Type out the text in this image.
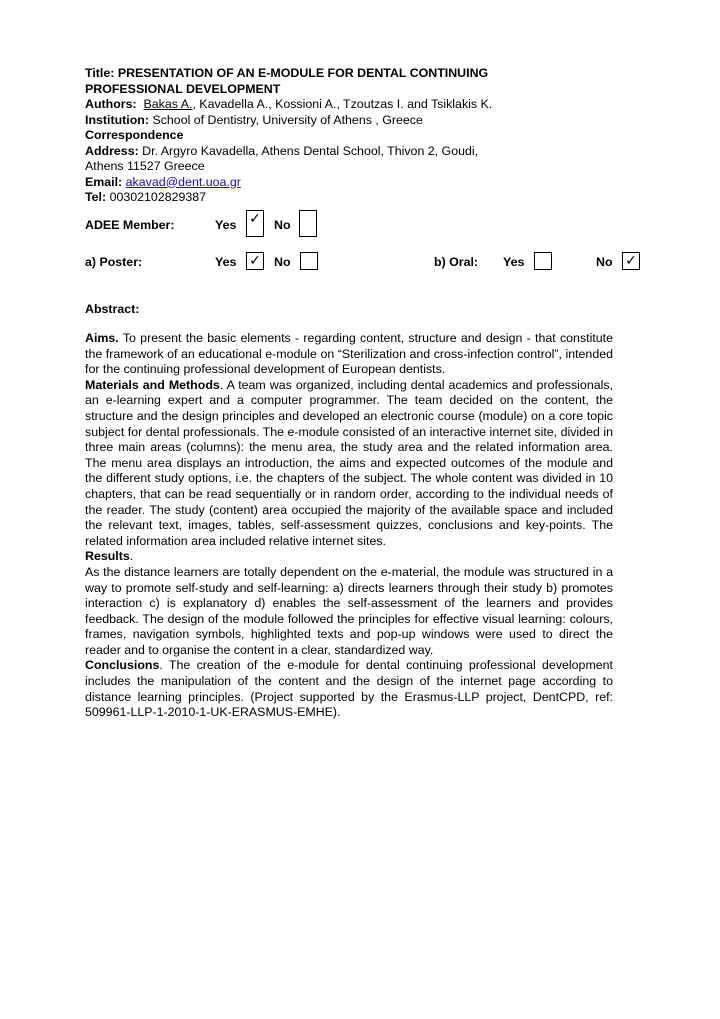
Title: PRESENTATION OF AN E-MODULE FOR DENTAL CONTINUING
PROFESSIONAL DEVELOPMENT
Authors: Bakas A., Kavadella A., Kossioni A., Tzoutzas I. and Tsiklakis K.
Institution: School of Dentistry, University of Athens , Greece
Correspondence
Address: Dr. Argyro Kavadella, Athens Dental School, Thivon 2, Goudi,
Athens 11527 Greece
Email: akavad@dent.uoa.gr
Tel: 00302102829387
ADEE Member:	Yes ✓ No
a) Poster:	Yes ✓ No	b) Oral: Yes	No ✓
Abstract:

Aims. To present the basic elements - regarding content, structure and design - that constitute the framework of an educational e-module on “Sterilization and cross-infection control”, intended for the continuing professional development of European dentists.

Materials and Methods. A team was organized, including dental academics and professionals, an e-learning expert and a computer programmer. The team decided on the content, the structure and the design principles and developed an electronic course (module) on a core topic subject for dental professionals. The e-module consisted of an interactive internet site, divided in three main areas (columns): the menu area, the study area and the related information area. The menu area displays an introduction, the aims and expected outcomes of the module and the different study options, i.e. the chapters of the subject. The whole content was divided in 10 chapters, that can be read sequentially or in random order, according to the individual needs of the reader. The study (content) area occupied the majority of the available space and included the relevant text, images, tables, self-assessment quizzes, conclusions and key-points. The related information area included relative internet sites.

Results.

As the distance learners are totally dependent on the e-material, the module was structured in a way to promote self-study and self-learning: a) directs learners through their study b) promotes interaction c) is explanatory d) enables the self-assessment of the learners and provides feedback. The design of the module followed the principles for effective visual learning: colours, frames, navigation symbols, highlighted texts and pop-up windows were used to direct the reader and to organise the content in a clear, standardized way.

Conclusions. The creation of the e-module for dental continuing professional development includes the manipulation of the content and the design of the internet page according to distance learning principles. (Project supported by the Erasmus-LLP project, DentCPD, ref: 509961-LLP-1-2010-1-UK-ERASMUS-EMHE).
